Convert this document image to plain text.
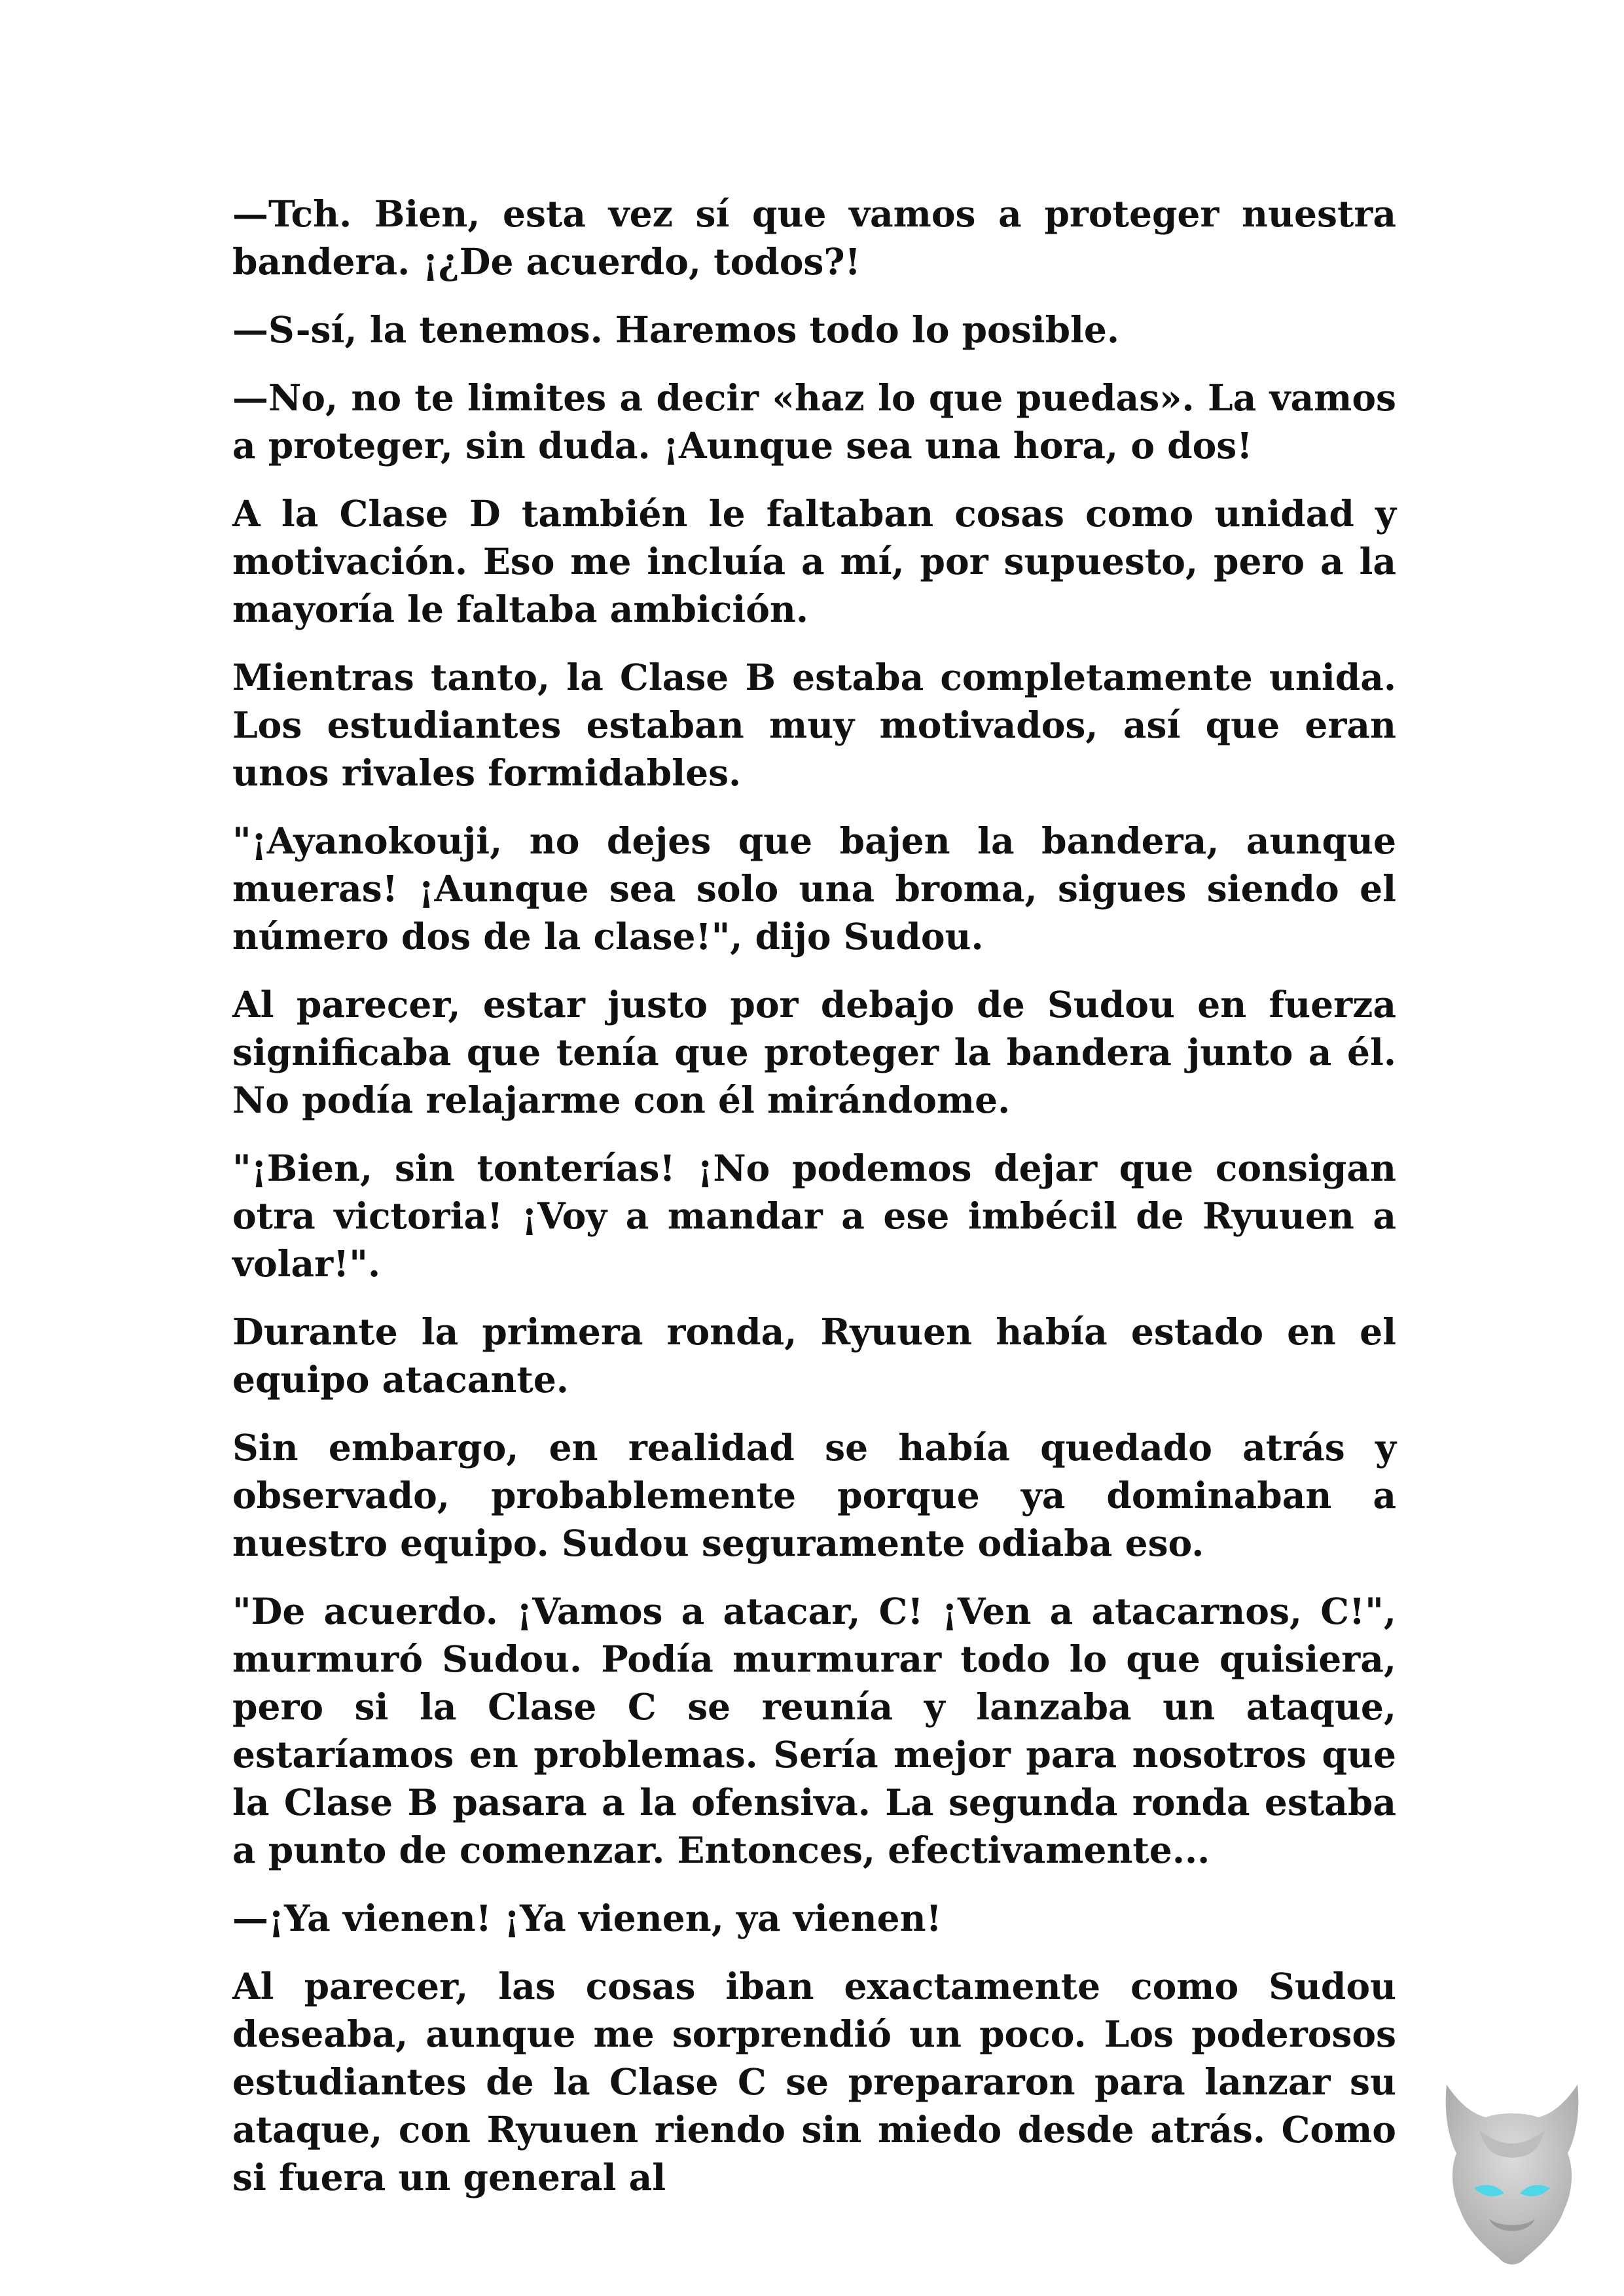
—Tch. Bien, esta vez sí que vamos a proteger nuestra bandera. ¡¿De acuerdo, todos?!

—S-sí, la tenemos. Haremos todo lo posible.

—No, no te limites a decir «haz lo que puedas». La vamos a proteger, sin duda. ¡Aunque sea una hora, o dos!

A la Clase D también le faltaban cosas como unidad y motivación. Eso me incluía a mí, por supuesto, pero a la mayoría le faltaba ambición.

Mientras tanto, la Clase B estaba completamente unida. Los estudiantes estaban muy motivados, así que eran unos rivales formidables.

"¡Ayanokouji, no dejes que bajen la bandera, aunque mueras! ¡Aunque sea solo una broma, sigues siendo el número dos de la clase!", dijo Sudou.

Al parecer, estar justo por debajo de Sudou en fuerza significaba que tenía que proteger la bandera junto a él. No podía relajarme con él mirándome.

"¡Bien, sin tonterías! ¡No podemos dejar que consigan otra victoria! ¡Voy a mandar a ese imbécil de Ryuuen a volar!".

Durante la primera ronda, Ryuuen había estado en el equipo atacante.

Sin embargo, en realidad se había quedado atrás y observado, probablemente porque ya dominaban a nuestro equipo. Sudou seguramente odiaba eso.

"De acuerdo. ¡Vamos a atacar, C! ¡Ven a atacarnos, C!", murmuró Sudou. Podía murmurar todo lo que quisiera, pero si la Clase C se reunía y lanzaba un ataque, estaríamos en problemas. Sería mejor para nosotros que la Clase B pasara a la ofensiva. La segunda ronda estaba a punto de comenzar. Entonces, efectivamente...

—¡Ya vienen! ¡Ya vienen, ya vienen!

Al parecer, las cosas iban exactamente como Sudou deseaba, aunque me sorprendió un poco. Los poderosos estudiantes de la Clase C se prepararon para lanzar su ataque, con Ryuuen riendo sin miedo desde atrás. Como si fuera un general al
